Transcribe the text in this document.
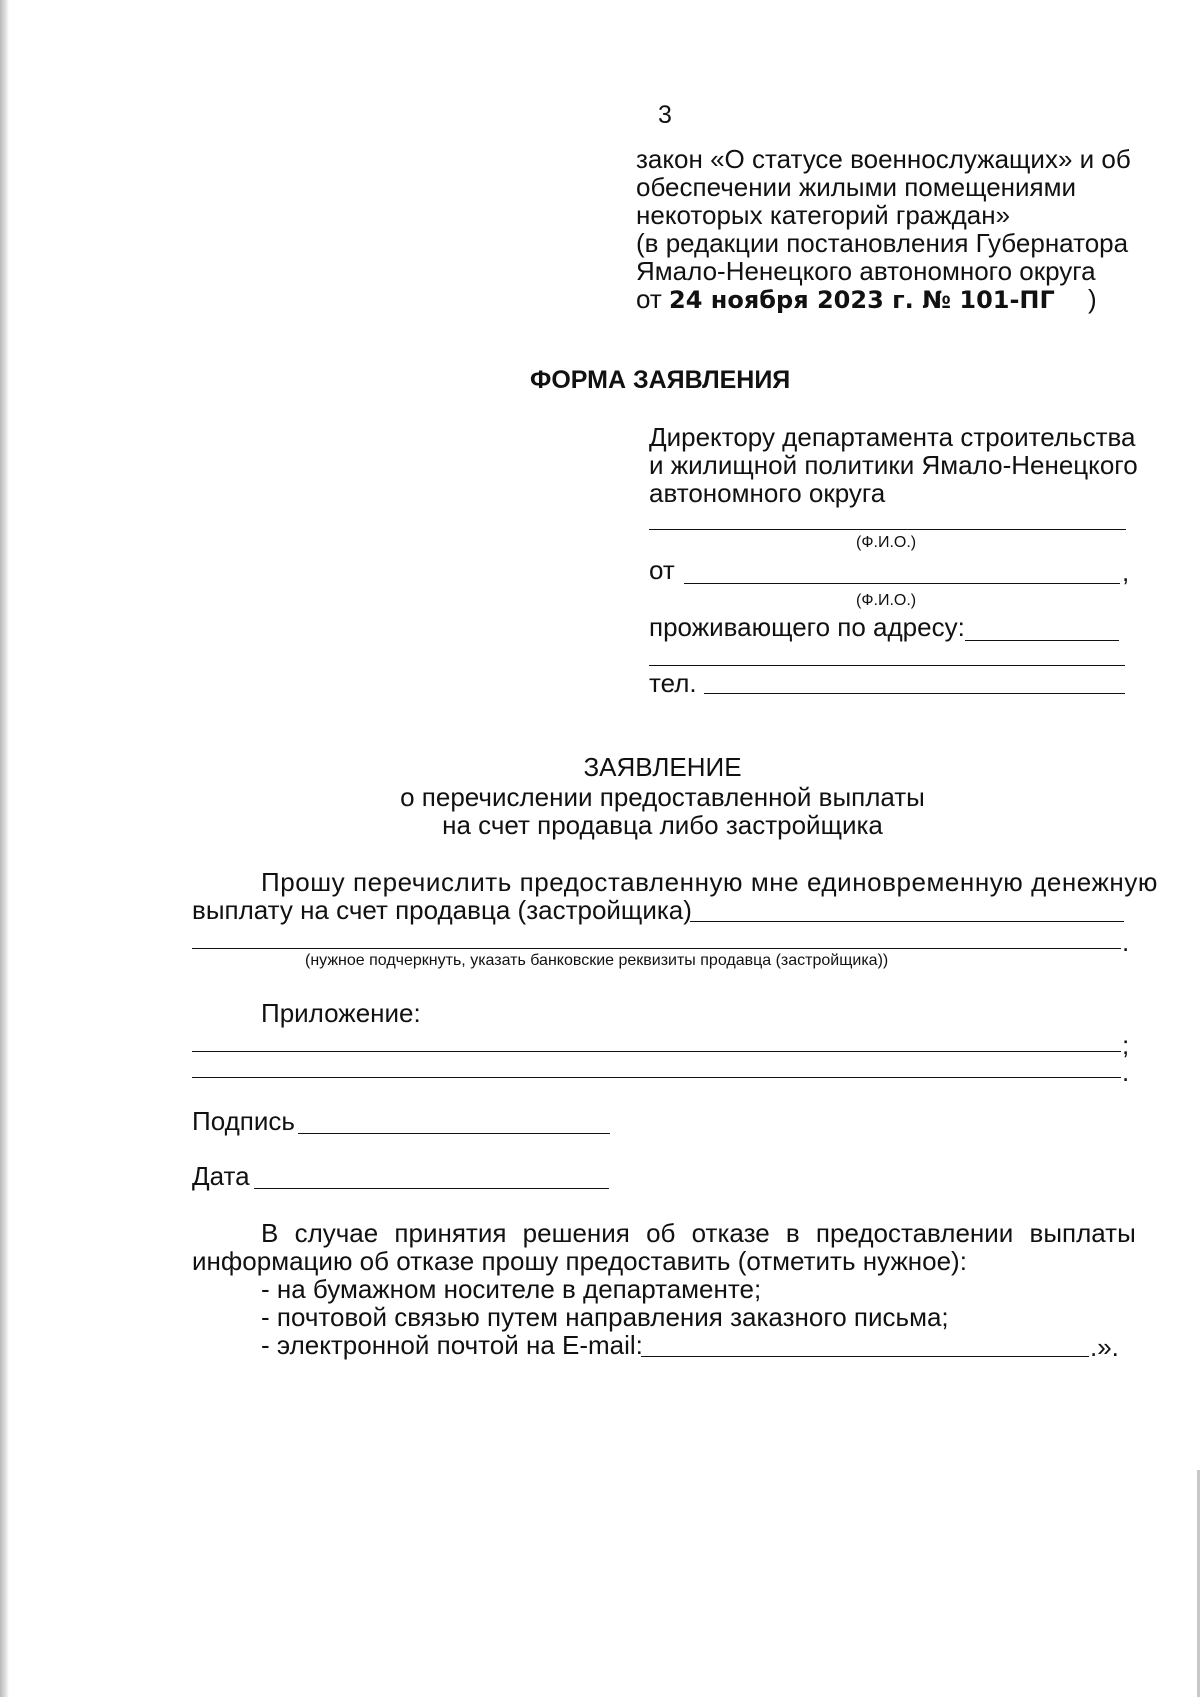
3
закон «О статусе военнослужащих» и об
обеспечении жилыми помещениями
некоторых категорий граждан»
(в редакции постановления Губернатора
Ямало-Ненецкого автономного округа
от 24 ноября 2023 г. № 101-ПГ )
ФОРМА ЗАЯВЛЕНИЯ
Директору департамента строительства
и жилищной политики Ямало-Ненецкого
автономного округа
(Ф.И.О.)
от	,
(Ф.И.О.)
проживающего по адресу:
тел.
ЗАЯВЛЕНИЕ
о перечислении предоставленной выплаты
на счет продавца либо застройщика
Прошу перечислить предоставленную мне единовременную денежную
выплату на счет продавца (застройщика)
.
(нужное подчеркнуть, указать банковские реквизиты продавца (застройщика))
Приложение:
;
.
Подпись
Дата
В случае принятия решения об отказе в предоставлении выплаты
информацию об отказе прошу предоставить (отметить нужное):
- на бумажном носителе в департаменте;
- почтовой связью путем направления заказного письма;
- электронной почтой на E-mail:	.».
